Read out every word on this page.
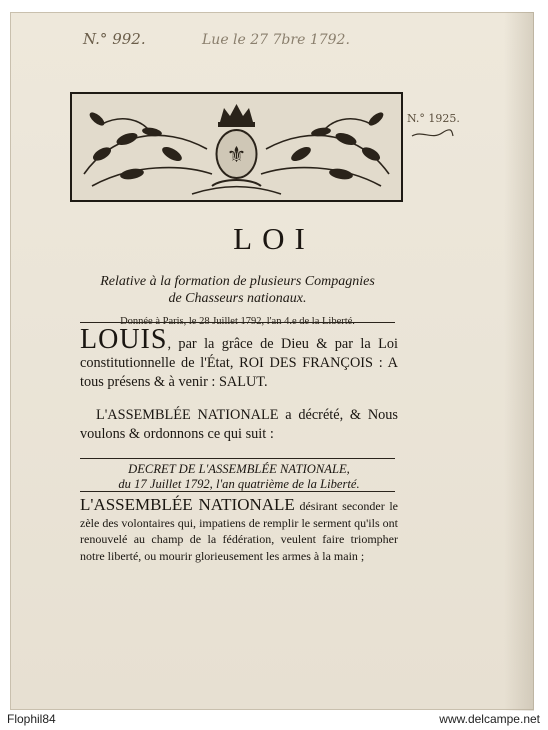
N.° 992.	Lue le 27 7bre 1792.
N.° 1925.
⚜
LOI
Relative à la formation de plusieurs Compagnies
de Chasseurs nationaux.
LOUIS, par la grâce de Dieu & par la Loi constitutionnelle de l'État, ROI DES FRANÇOIS : A tous présens & à venir : SALUT.
L'ASSEMBLÉE NATIONALE a décrété, & Nous voulons & ordonnons ce qui suit :
DECRET DE L'ASSEMBLÉE NATIONALE,
du 17 Juillet 1792, l'an quatrième de la Liberté.
L'ASSEMBLÉE NATIONALE désirant seconder le zèle des volontaires qui, impatiens de remplir le serment qu'ils ont renouvelé au champ de la fédération, veulent faire triompher notre liberté, ou mourir glorieusement les armes à la main ;
Flophil84	www.delcampe.net
